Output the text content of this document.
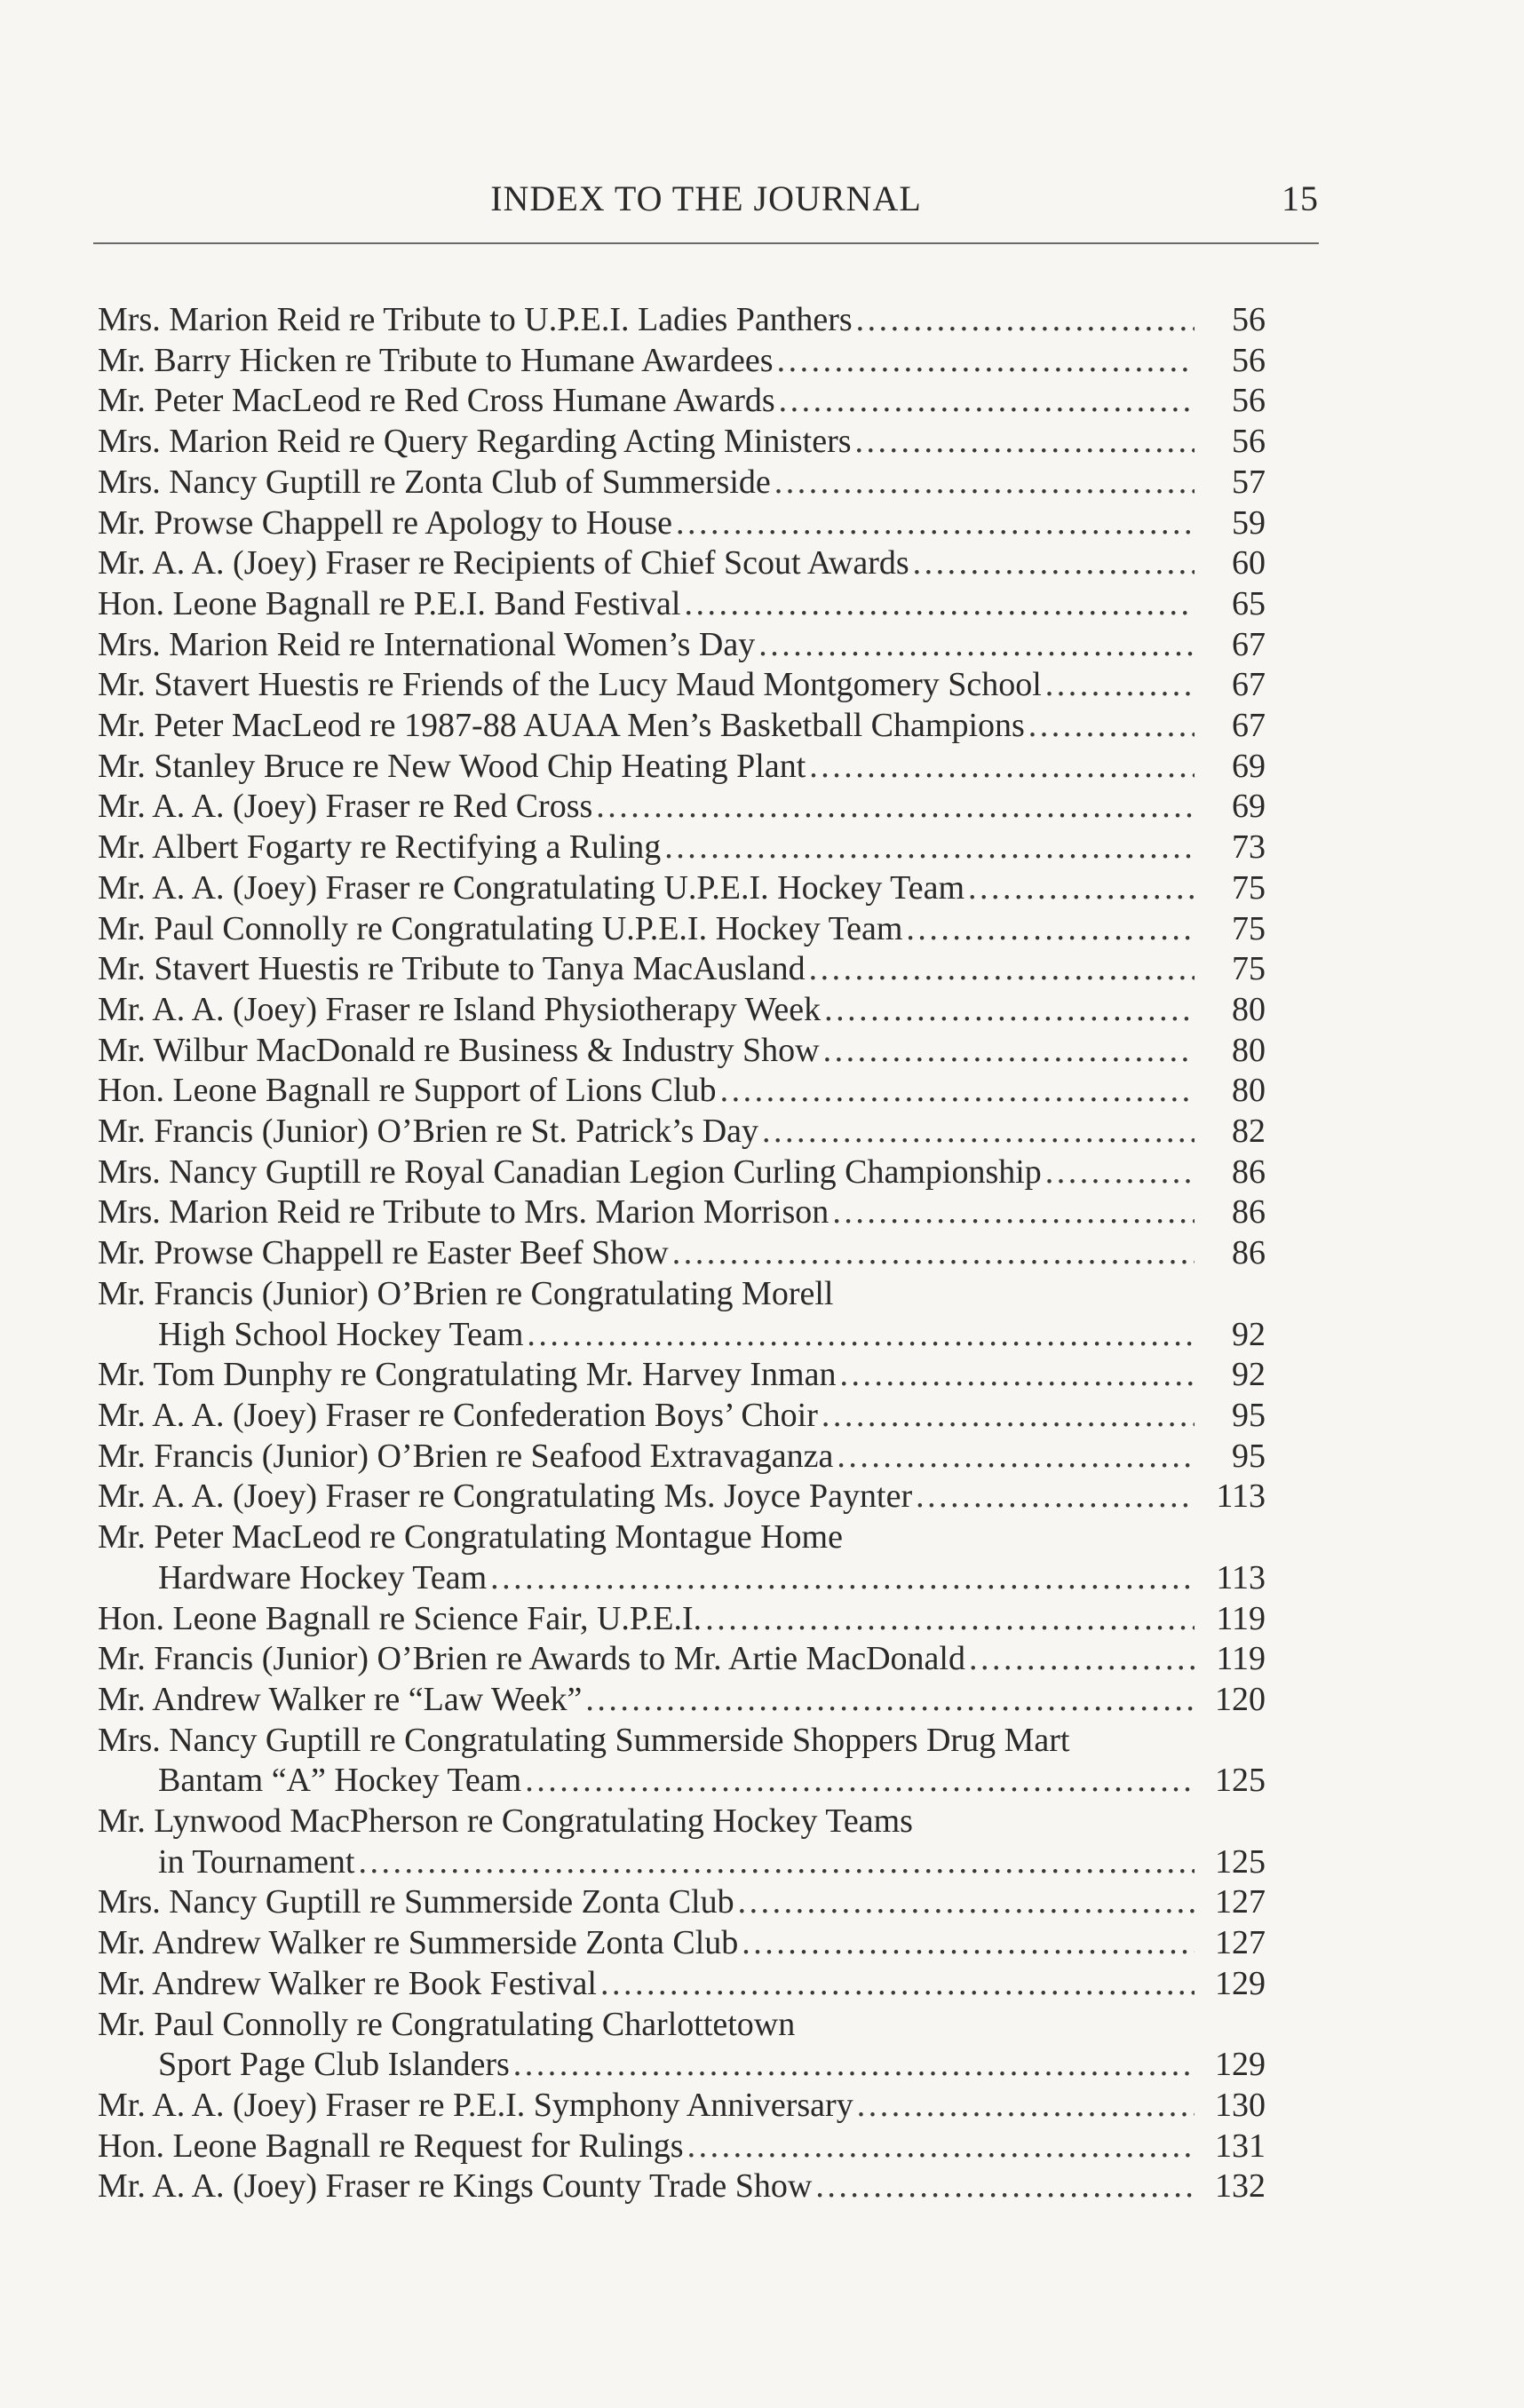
INDEX TO THE JOURNAL	15
Mrs. Marion Reid re Tribute to U.P.E.I. Ladies Panthers . . .	56
Mr. Barry Hicken re Tribute to Humane Awardees . . .	56
Mr. Peter MacLeod re Red Cross Humane Awards . . .	56
Mrs. Marion Reid re Query Regarding Acting Ministers . . .	56
Mrs. Nancy Guptill re Zonta Club of Summerside . . .	57
Mr. Prowse Chappell re Apology to House . . .	59
Mr. A. A. (Joey) Fraser re Recipients of Chief Scout Awards . . .	60
Hon. Leone Bagnall re P.E.I. Band Festival . . .	65
Mrs. Marion Reid re International Women’s Day . . .	67
Mr. Stavert Huestis re Friends of the Lucy Maud Montgomery School . . .	67
Mr. Peter MacLeod re 1987-88 AUAA Men’s Basketball Champions . . .	67
Mr. Stanley Bruce re New Wood Chip Heating Plant . . .	69
Mr. A. A. (Joey) Fraser re Red Cross . . .	69
Mr. Albert Fogarty re Rectifying a Ruling . . .	73
Mr. A. A. (Joey) Fraser re Congratulating U.P.E.I. Hockey Team . . .	75
Mr. Paul Connolly re Congratulating U.P.E.I. Hockey Team . . .	75
Mr. Stavert Huestis re Tribute to Tanya MacAusland . . .	75
Mr. A. A. (Joey) Fraser re Island Physiotherapy Week . . .	80
Mr. Wilbur MacDonald re Business & Industry Show . . .	80
Hon. Leone Bagnall re Support of Lions Club . . .	80
Mr. Francis (Junior) O’Brien re St. Patrick’s Day . . .	82
Mrs. Nancy Guptill re Royal Canadian Legion Curling Championship . . .	86
Mrs. Marion Reid re Tribute to Mrs. Marion Morrison . . .	86
Mr. Prowse Chappell re Easter Beef Show . . .	86
Mr. Francis (Junior) O’Brien re Congratulating Morell
High School Hockey Team . . .	92
Mr. Tom Dunphy re Congratulating Mr. Harvey Inman . . .	92
Mr. A. A. (Joey) Fraser re Confederation Boys’ Choir . . .	95
Mr. Francis (Junior) O’Brien re Seafood Extravaganza . . .	95
Mr. A. A. (Joey) Fraser re Congratulating Ms. Joyce Paynter . . .	113
Mr. Peter MacLeod re Congratulating Montague Home
Hardware Hockey Team . . .	113
Hon. Leone Bagnall re Science Fair, U.P.E.I. . . .	119
Mr. Francis (Junior) O’Brien re Awards to Mr. Artie MacDonald . . .	119
Mr. Andrew Walker re “Law Week” . . .	120
Mrs. Nancy Guptill re Congratulating Summerside Shoppers Drug Mart
Bantam “A” Hockey Team . . .	125
Mr. Lynwood MacPherson re Congratulating Hockey Teams
in Tournament . . .	125
Mrs. Nancy Guptill re Summerside Zonta Club . . .	127
Mr. Andrew Walker re Summerside Zonta Club . . .	127
Mr. Andrew Walker re Book Festival . . .	129
Mr. Paul Connolly re Congratulating Charlottetown
Sport Page Club Islanders . . .	129
Mr. A. A. (Joey) Fraser re P.E.I. Symphony Anniversary . . .	130
Hon. Leone Bagnall re Request for Rulings . . .	131
Mr. A. A. (Joey) Fraser re Kings County Trade Show . . .	132
